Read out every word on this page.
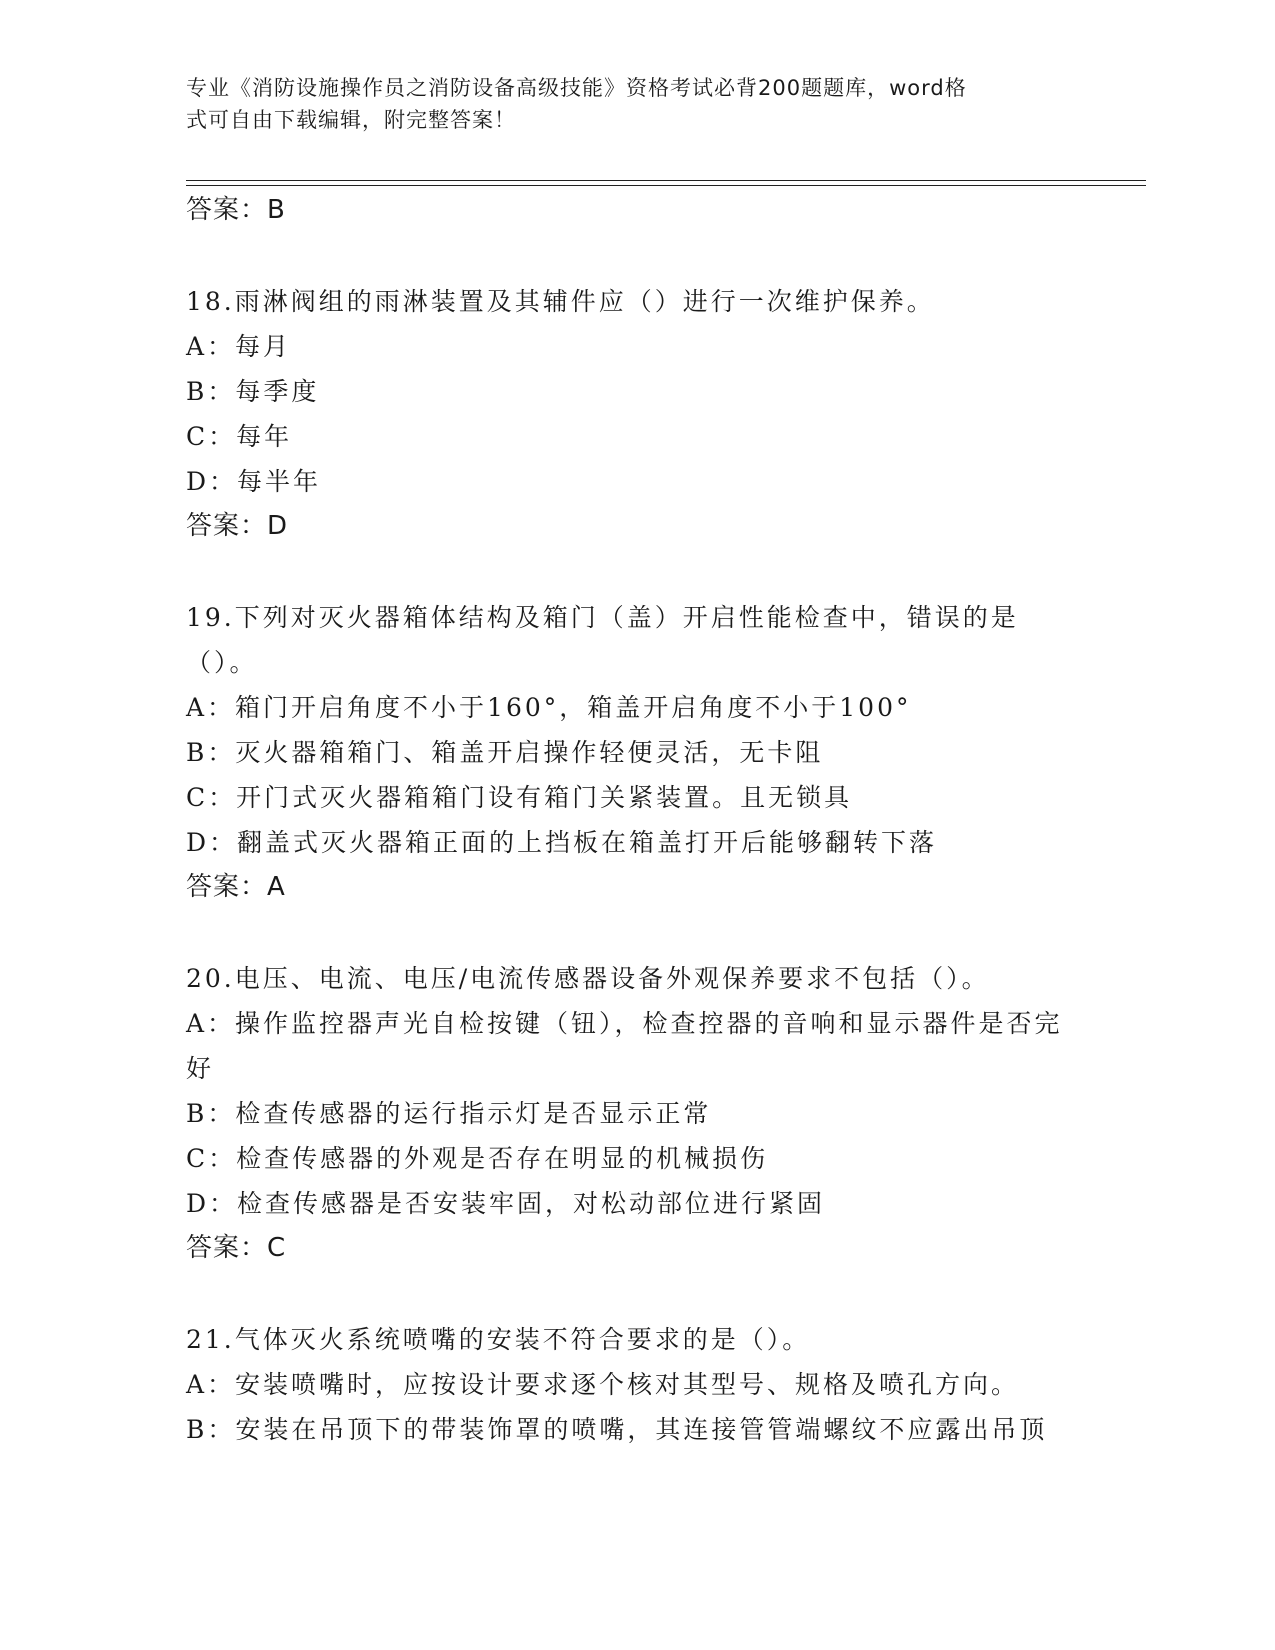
专业《消防设施操作员之消防设备高级技能》资格考试必背200题题库，word格
式可自由下载编辑，附完整答案！

答案：B

18.雨淋阀组的雨淋装置及其辅件应（）进行一次维护保养。

A：每月

B：每季度

C：每年

D：每半年

答案：D

19.下列对灭火器箱体结构及箱门（盖）开启性能检查中，错误的是（）。

A：箱门开启角度不小于160°，箱盖开启角度不小于100°

B：灭火器箱箱门、箱盖开启操作轻便灵活，无卡阻

C：开门式灭火器箱箱门设有箱门关紧装置。且无锁具

D：翻盖式灭火器箱正面的上挡板在箱盖打开后能够翻转下落

答案：A

20.电压、电流、电压/电流传感器设备外观保养要求不包括（）。

A：操作监控器声光自检按键（钮），检查控器的音响和显示器件是否完好

B：检查传感器的运行指示灯是否显示正常

C：检查传感器的外观是否存在明显的机械损伤

D：检查传感器是否安装牢固，对松动部位进行紧固

答案：C

21.气体灭火系统喷嘴的安装不符合要求的是（）。

A：安装喷嘴时，应按设计要求逐个核对其型号、规格及喷孔方向。

B：安装在吊顶下的带装饰罩的喷嘴，其连接管管端螺纹不应露出吊顶
